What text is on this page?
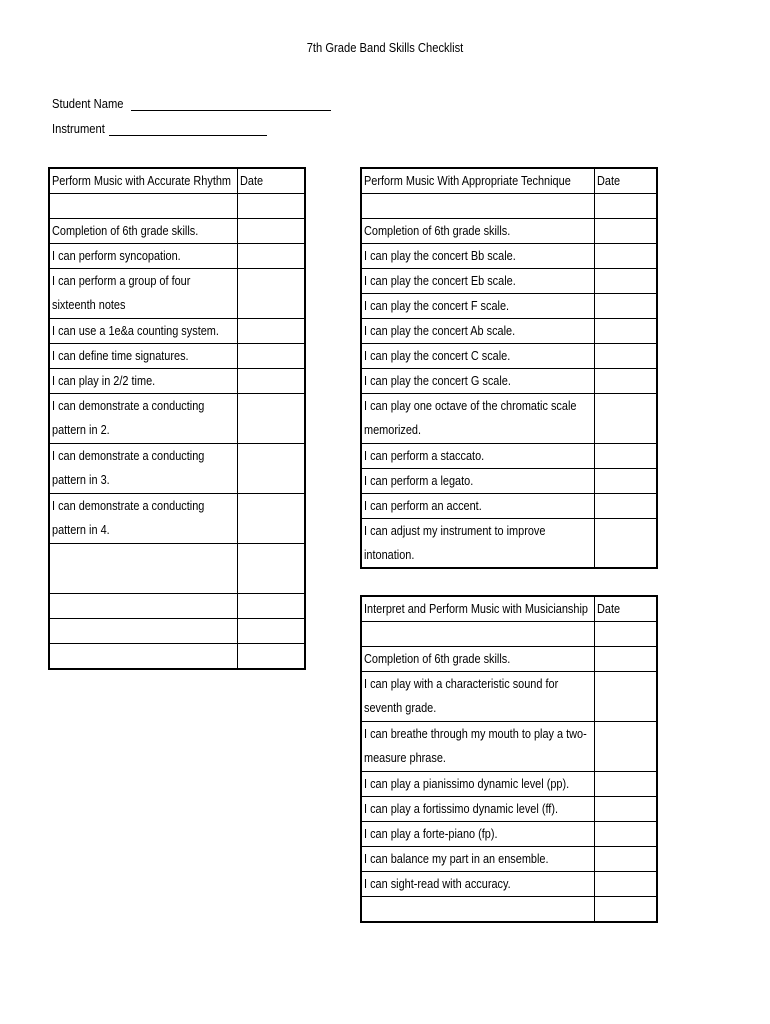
7th Grade Band Skills Checklist
Student Name
Instrument
Perform Music with Accurate Rhythm	Date

Completion of 6th grade skills.	
I can perform syncopation.	
I can perform a group of four sixteenth notes	
I can use a 1e&a counting system.	
I can define time signatures.	
I can play in 2/2 time.	
I can demonstrate a conducting pattern in 2.	
I can demonstrate a conducting pattern in 3.	
I can demonstrate a conducting pattern in 4.	

Perform Music With Appropriate Technique	Date

Completion of 6th grade skills.	
I can play the concert Bb scale.	
I can play the concert Eb scale.	
I can play the concert F scale.	
I can play the concert Ab scale.	
I can play the concert C scale.	
I can play the concert G scale.	
I can play one octave of the chromatic scale memorized.	
I can perform a staccato.	
I can perform a legato.	
I can perform an accent.	
I can adjust my instrument to improve intonation.	
Interpret and Perform Music with Musicianship	Date

Completion of 6th grade skills.	
I can play with a characteristic sound for seventh grade.	
I can breathe through my mouth to play a two-measure phrase.	
I can play a pianissimo dynamic level (pp).	
I can play a fortissimo dynamic level (ff).	
I can play a forte-piano (fp).	
I can balance my part in an ensemble.	
I can sight-read with accuracy.	
